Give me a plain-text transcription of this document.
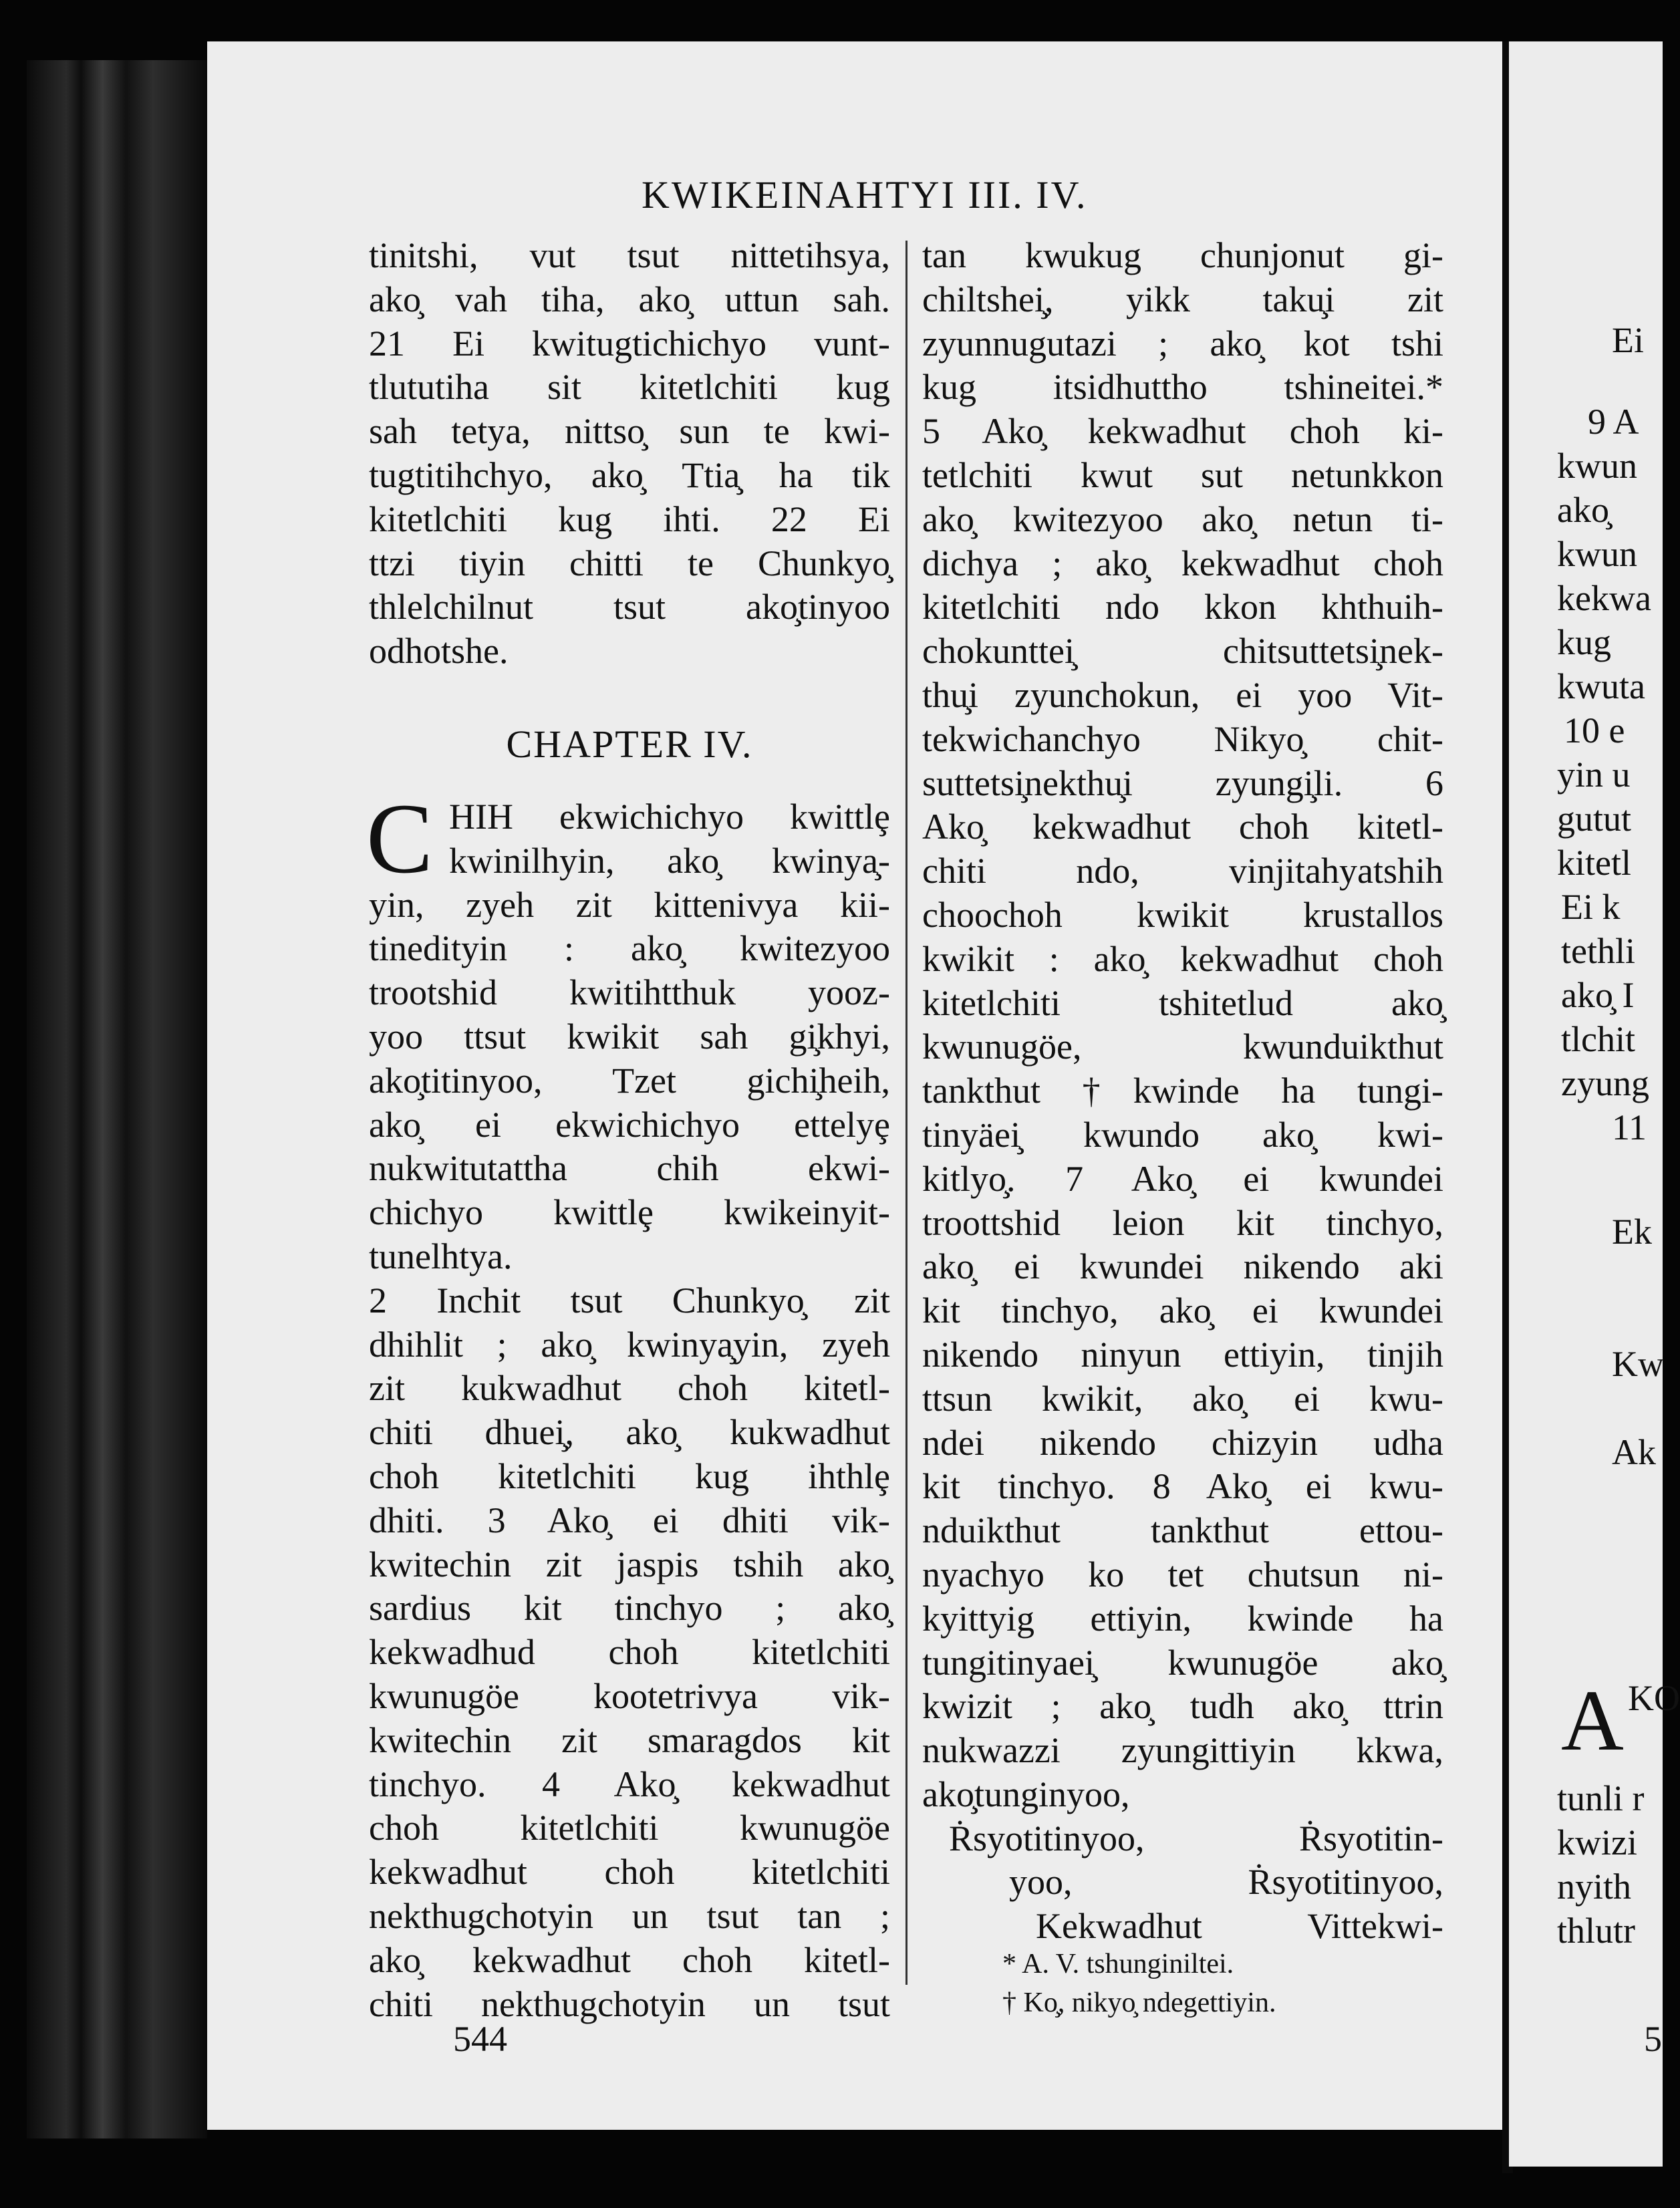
KWIKEINAHTYI III. IV.
tinitshi, vut tsut nittetihsya,
ako̧ vah tiha, ako̧ uttun sah.
21 Ei kwitugtichichyo vunt-
tlututiha sit kitetlchiti kug
sah tetya, nittso̧ sun te kwi-
tugtitihchyo, ako̧ Ttia̧ ha tik
kitetlchiti kug ihti. 22 Ei
ttzi tiyin chitti te Chunkyo̧
thlelchilnut tsut ako̧tinyoo
odhotshe.
CHAPTER IV.
C HIH ekwichichyo kwittlȩ
kwinilhyin, ako̧ kwinya̧-
yin, zyeh zit kittenivya kii-
tinedityin : ako̧ kwitezyoo
trootshid kwitihtthuk yooz-
yoo ttsut kwikit sah gi̧khyi,
ako̧titinyoo, Tzet gichi̧heih,
ako̧ ei ekwichichyo ettelyȩ
nukwitutattha chih ekwi-
chichyo kwittlȩ kwikeinyit-
tunelhtya.
2 Inchit tsut Chunkyo̧ zit
dhihlit ; ako̧ kwinya̧yin, zyeh
zit kukwadhut choh kitetl-
chiti dhuei̧, ako̧ kukwadhut
choh kitetlchiti kug ihthlȩ
dhiti. 3 Ako̧ ei dhiti vik-
kwitechin zit jaspis tshih ako̧
sardius kit tinchyo ; ako̧
kekwadhud choh kitetlchiti
kwunugöe kootetrivya vik-
kwitechin zit smaragdos kit
tinchyo. 4 Ako̧ kekwadhut
choh kitetlchiti kwunugöe
kekwadhut choh kitetlchiti
nekthugchotyin un tsut tan ;
ako̧ kekwadhut choh kitetl-
chiti nekthugchotyin un tsut
tan kwukug chunjonut gi-
chiltshei̧, yikk taku̧i zit
zyunnugutazi ; ako̧ kot tshi
kug itsidhuttho tshineitei.*
5 Ako̧ kekwadhut choh ki-
tetlchiti kwut sut netunkkon
ako̧ kwitezyoo ako̧ netun ti-
dichya ; ako̧ kekwadhut choh
kitetlchiti ndo kkon khthuih-
chokunttei̧ chitsuttetsi̧nek-
thu̧i zyunchokun, ei yoo Vit-
tekwichanchyo Nikyo̧ chit-
suttetsi̧nekthu̧i zyungi̧li. 6
Ako̧ kekwadhut choh kitetl-
chiti ndo, vinjitahyatshih
choochoh kwikit krustallos
kwikit : ako̧ kekwadhut choh
kitetlchiti tshitetlud ako̧
kwunugöe, kwunduikthut
tankthut †kwinde ha tungi-
tinyäei̧ kwundo ako̧ kwi-
kitlyo̧. 7 Ako̧ ei kwundei
troottshid leion kit tinchyo,
ako̧ ei kwundei nikendo aki
kit tinchyo, ako̧ ei kwundei
nikendo ninyun ettiyin, tinjih
ttsun kwikit, ako̧ ei kwu-
ndei nikendo chizyin udha
kit tinchyo. 8 Ako̧ ei kwu-
nduikthut tankthut ettou-
nyachyo ko tet chutsun ni-
kyittyig ettiyin, kwinde ha
tungitinyaei̧ kwunugöe ako̧
kwizit ; ako̧ tudh ako̧ ttrin
nukwazzi zyungittiyin kkwa,
ako̧tunginyoo,
Ṙsyotitinyoo, Ṙsyotitin-
yoo, Ṙsyotitinyoo,
Kekwadhut Vittekwi-
* A. V. tshunginiltei.
† Ko̧, nikyo̧ ndegettiyin.
544
Ei
9 A
kwun
ako̧
kwun
kekwa
kug
kwuta
10 e
yin u
gutut
kitetl
Ei k
tethli
ako̧ I
tlchit
zyung
11
Ek
Kw
Ak
A KO
tunli r
kwizi
nyith
thlutr
5
